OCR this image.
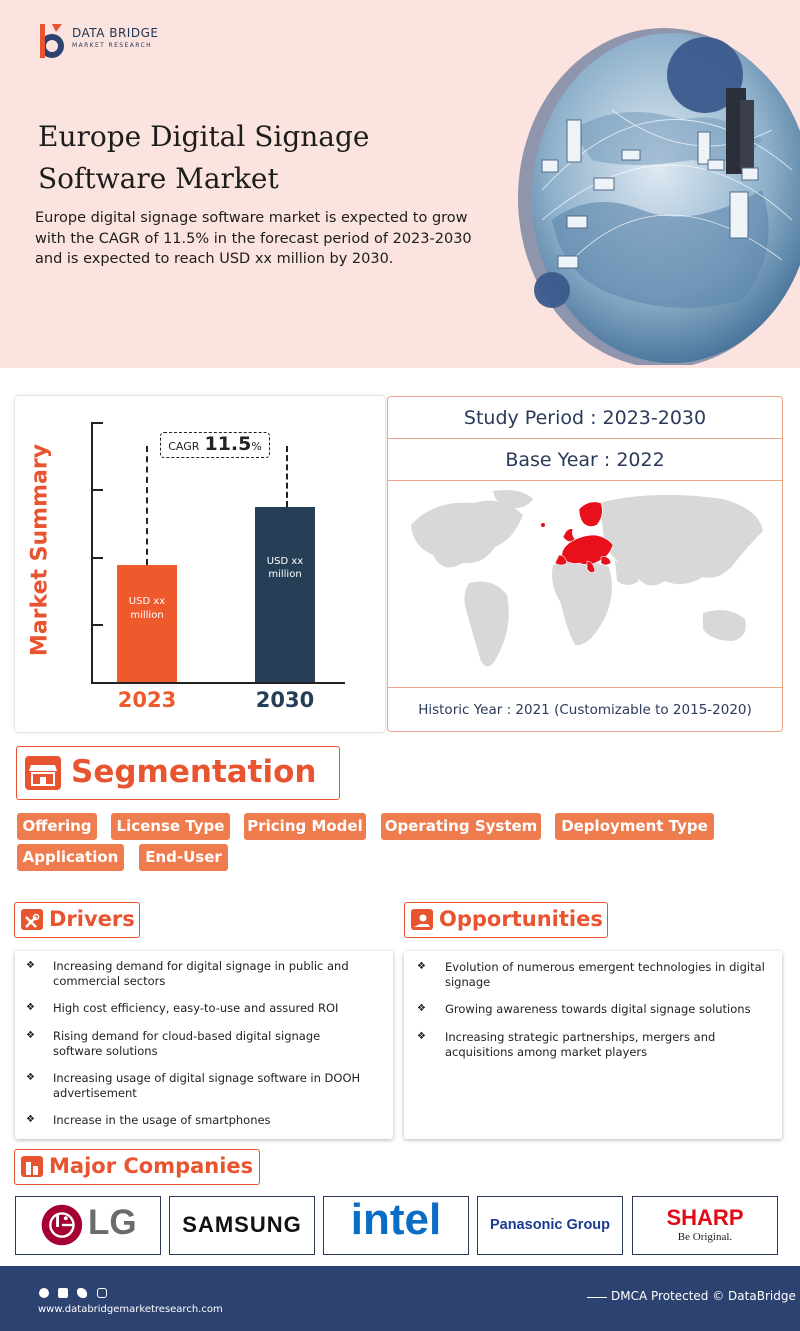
DATA BRIDGE
MARKET RESEARCH
Europe Digital Signage Software Market
Europe digital signage software market is expected to grow with the CAGR of 11.5% in the forecast period of 2023-2030 and is expected to reach USD xx million by 2030.
Market Summary	USD xx million
USD xx million
2023	2030
CAGR 11.5%
Study Period : 2023-2030
Base Year : 2022
Historic Year : 2021 (Customizable to 2015-2020)
Segmentation
Offering	License Type	Pricing Model Operating System	Deployment Type
Application	End-User
Drivers
❖ Increasing demand for digital signage in public and commercial sectors
❖ High cost efficiency, easy-to-use and assured ROI
❖ Rising demand for cloud-based digital signage software solutions
❖ Increasing usage of digital signage software in DOOH advertisement
❖ Increase in the usage of smartphones
Opportunities
❖ Evolution of numerous emergent technologies in digital signage
❖ Growing awareness towards digital signage solutions
❖ Increasing strategic partnerships, mergers and acquisitions among market players
Major Companies
LG	SAMSUNG	intel	Panasonic Group	SHARP
Be Original.
www.databridgemarketresearch.com
DMCA Protected © DataBridge
